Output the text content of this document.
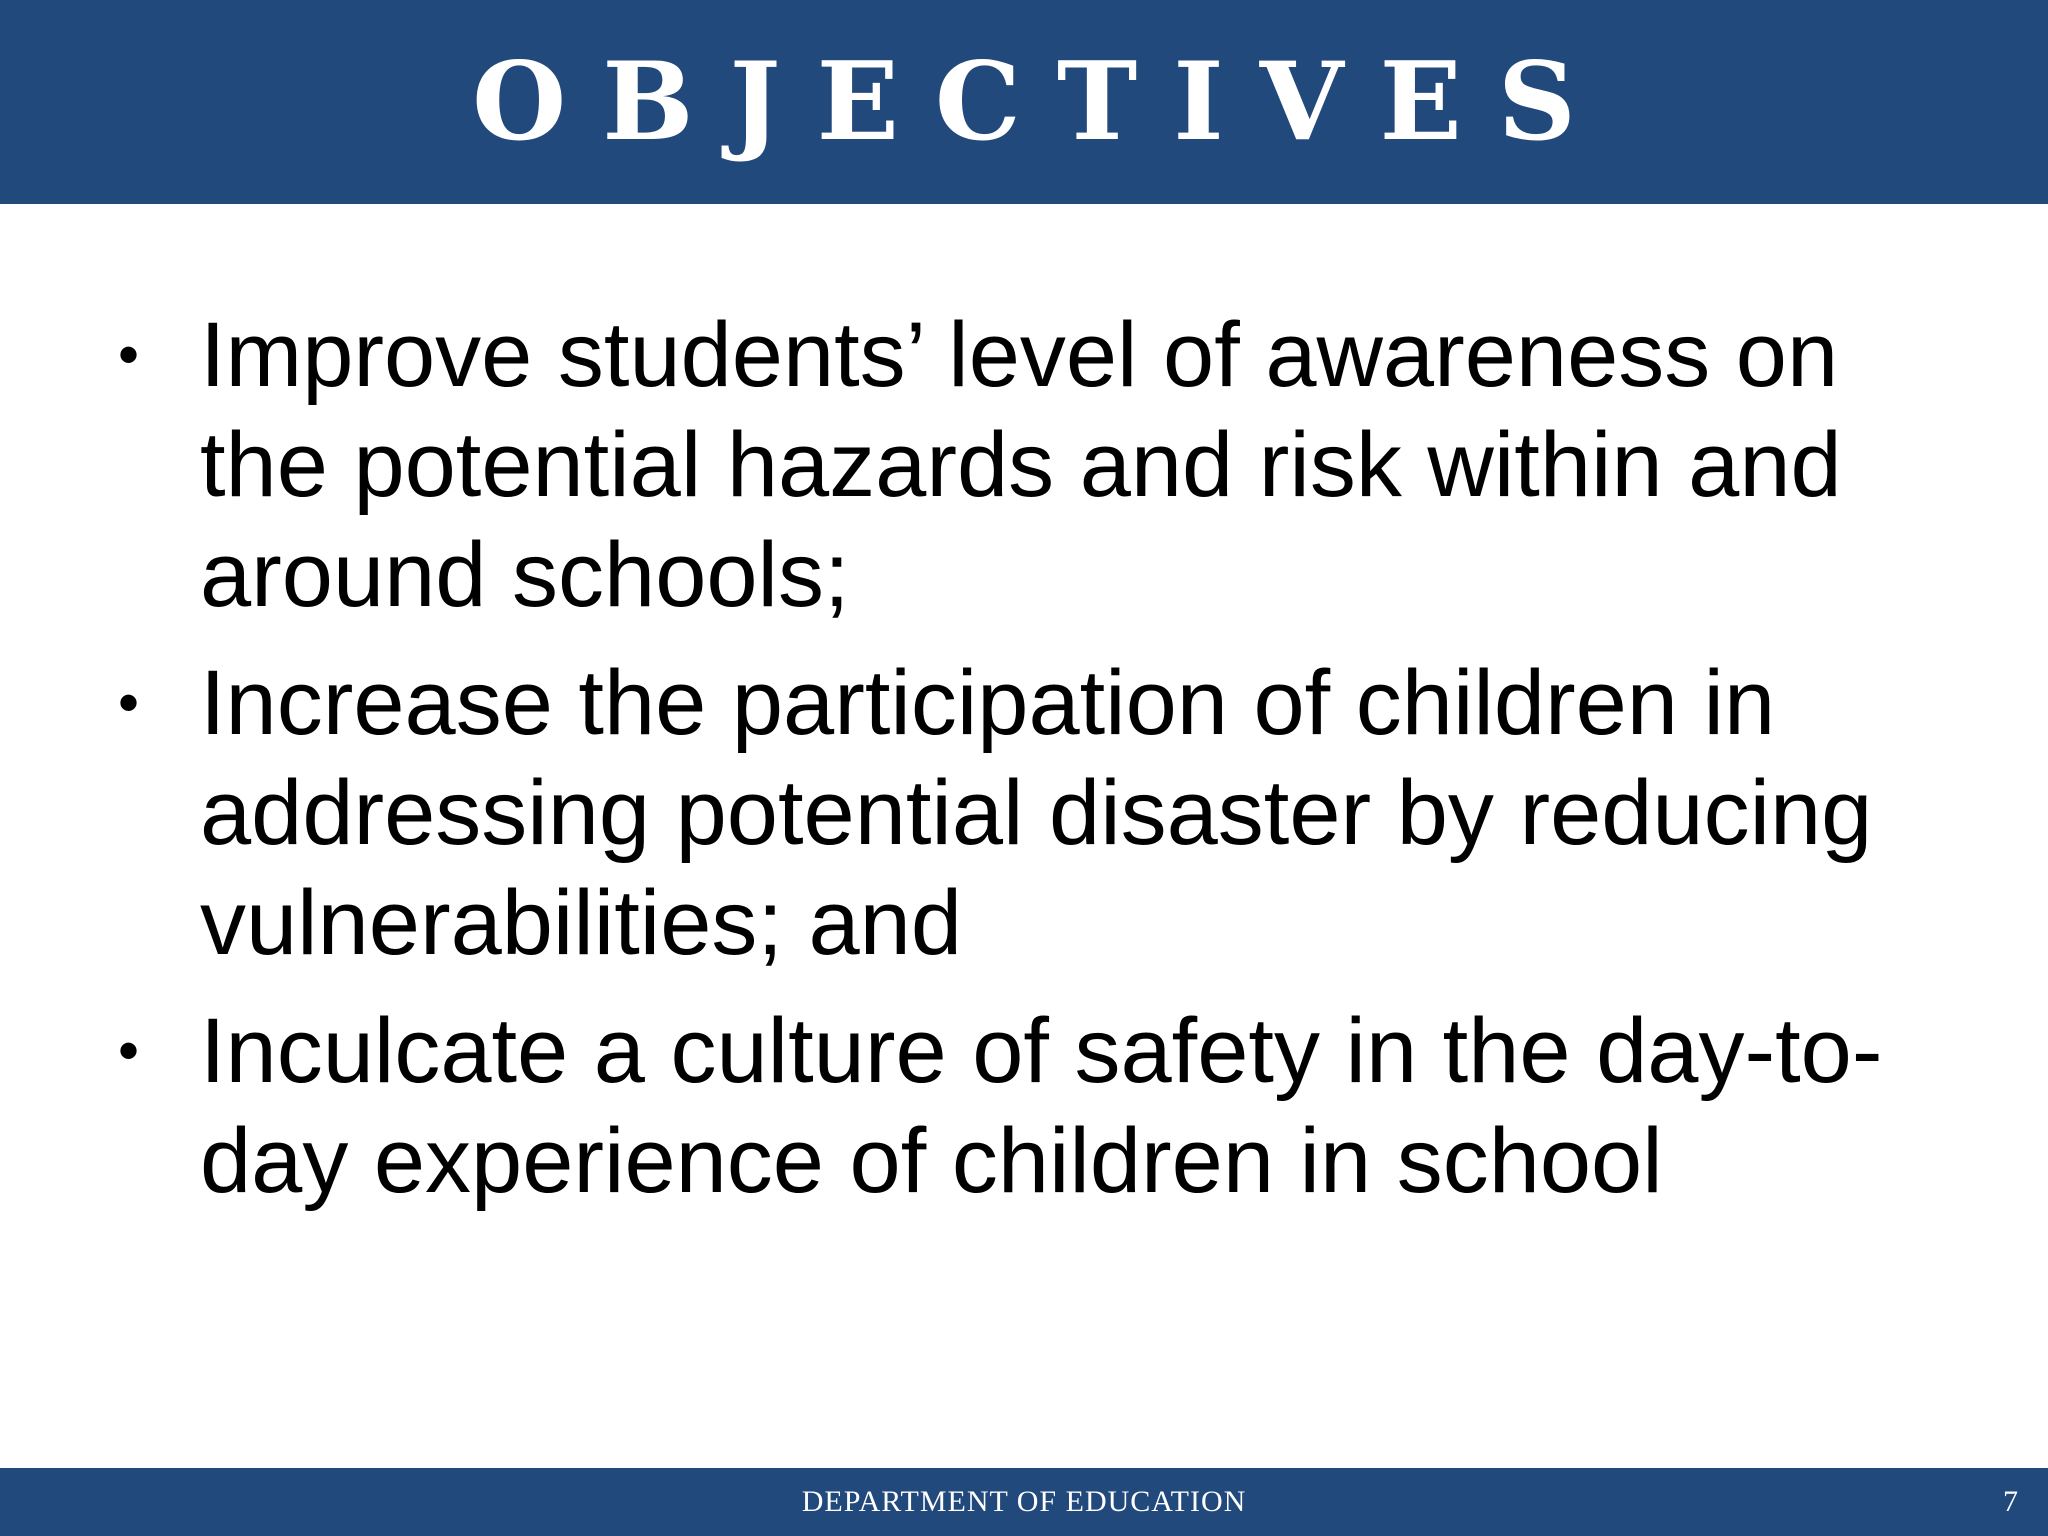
OBJECTIVES
• Improve students’ level of awareness on the potential hazards and risk within and around schools;
• Increase the participation of children in addressing potential disaster by reducing vulnerabilities; and
• Inculcate a culture of safety in the day-to-day experience of children in school
DEPARTMENT OF EDUCATION	7
